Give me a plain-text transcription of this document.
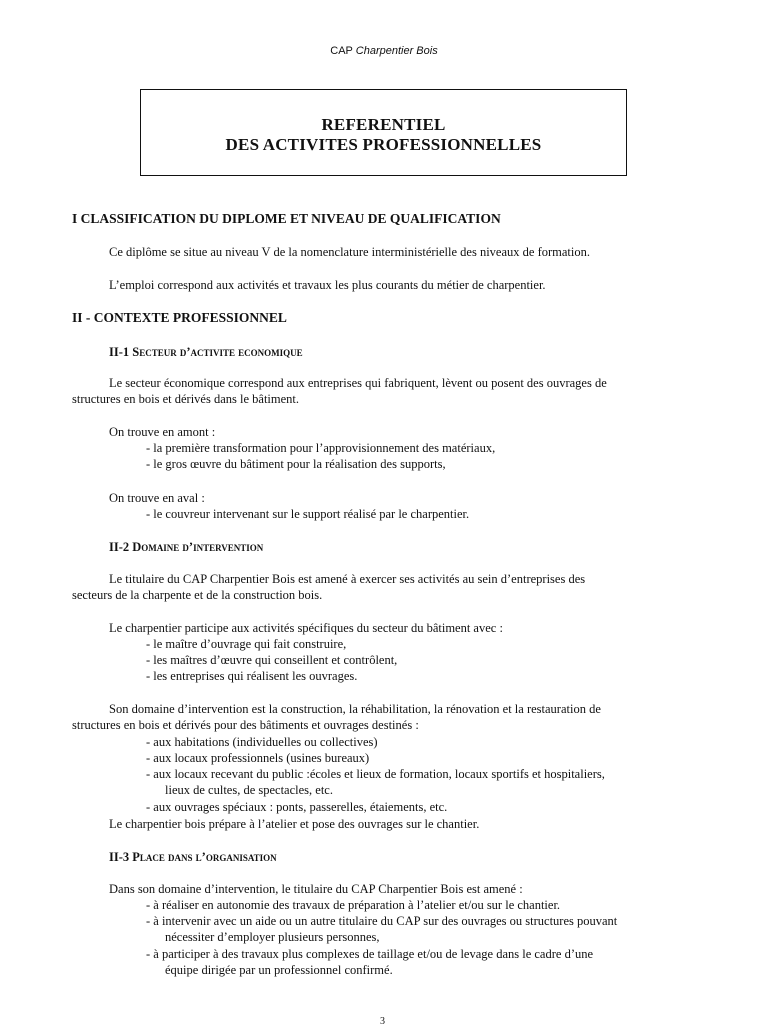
CAP Charpentier Bois
REFERENTIEL
DES ACTIVITES PROFESSIONNELLES
I CLASSIFICATION DU DIPLOME ET NIVEAU DE QUALIFICATION
Ce diplôme se situe au niveau V de la nomenclature interministérielle des niveaux de formation.
L’emploi correspond aux activités et travaux les plus courants du métier de charpentier.
II - CONTEXTE PROFESSIONNEL
II-1 Secteur d’activite economique
Le secteur économique correspond aux entreprises qui fabriquent, lèvent ou posent des ouvrages de
structures en bois et dérivés dans le bâtiment.
On trouve en amont :
- la première transformation pour l’approvisionnement des matériaux,
- le gros œuvre du bâtiment pour la réalisation des supports,
On trouve en aval :
- le couvreur intervenant sur le support réalisé par le charpentier.
II-2 Domaine d’intervention
Le titulaire du CAP Charpentier Bois est amené à exercer ses activités au sein d’entreprises des
secteurs de la charpente et de la construction bois.
Le charpentier participe aux activités spécifiques du secteur du bâtiment avec :
- le maître d’ouvrage qui fait construire,
- les maîtres d’œuvre qui conseillent et contrôlent,
- les entreprises qui réalisent les ouvrages.
Son domaine d’intervention est la construction, la réhabilitation, la rénovation et la restauration de
structures en bois et dérivés pour des bâtiments et ouvrages destinés :
- aux habitations (individuelles ou collectives)
- aux locaux professionnels (usines bureaux)
- aux locaux recevant du public :écoles et lieux de formation, locaux sportifs et hospitaliers,
lieux de cultes, de spectacles, etc.
- aux ouvrages spéciaux : ponts, passerelles, étaiements, etc.
Le charpentier bois prépare à l’atelier et pose des ouvrages sur le chantier.
II-3 Place dans l’organisation
Dans son domaine d’intervention, le titulaire du CAP Charpentier Bois est amené :
- à réaliser en autonomie des travaux de préparation à l’atelier et/ou sur le chantier.
- à intervenir avec un aide ou un autre titulaire du CAP sur des ouvrages ou structures pouvant
nécessiter d’employer plusieurs personnes,
- à participer à des travaux plus complexes de taillage et/ou de levage dans le cadre d’une
équipe dirigée par un professionnel confirmé.
3
